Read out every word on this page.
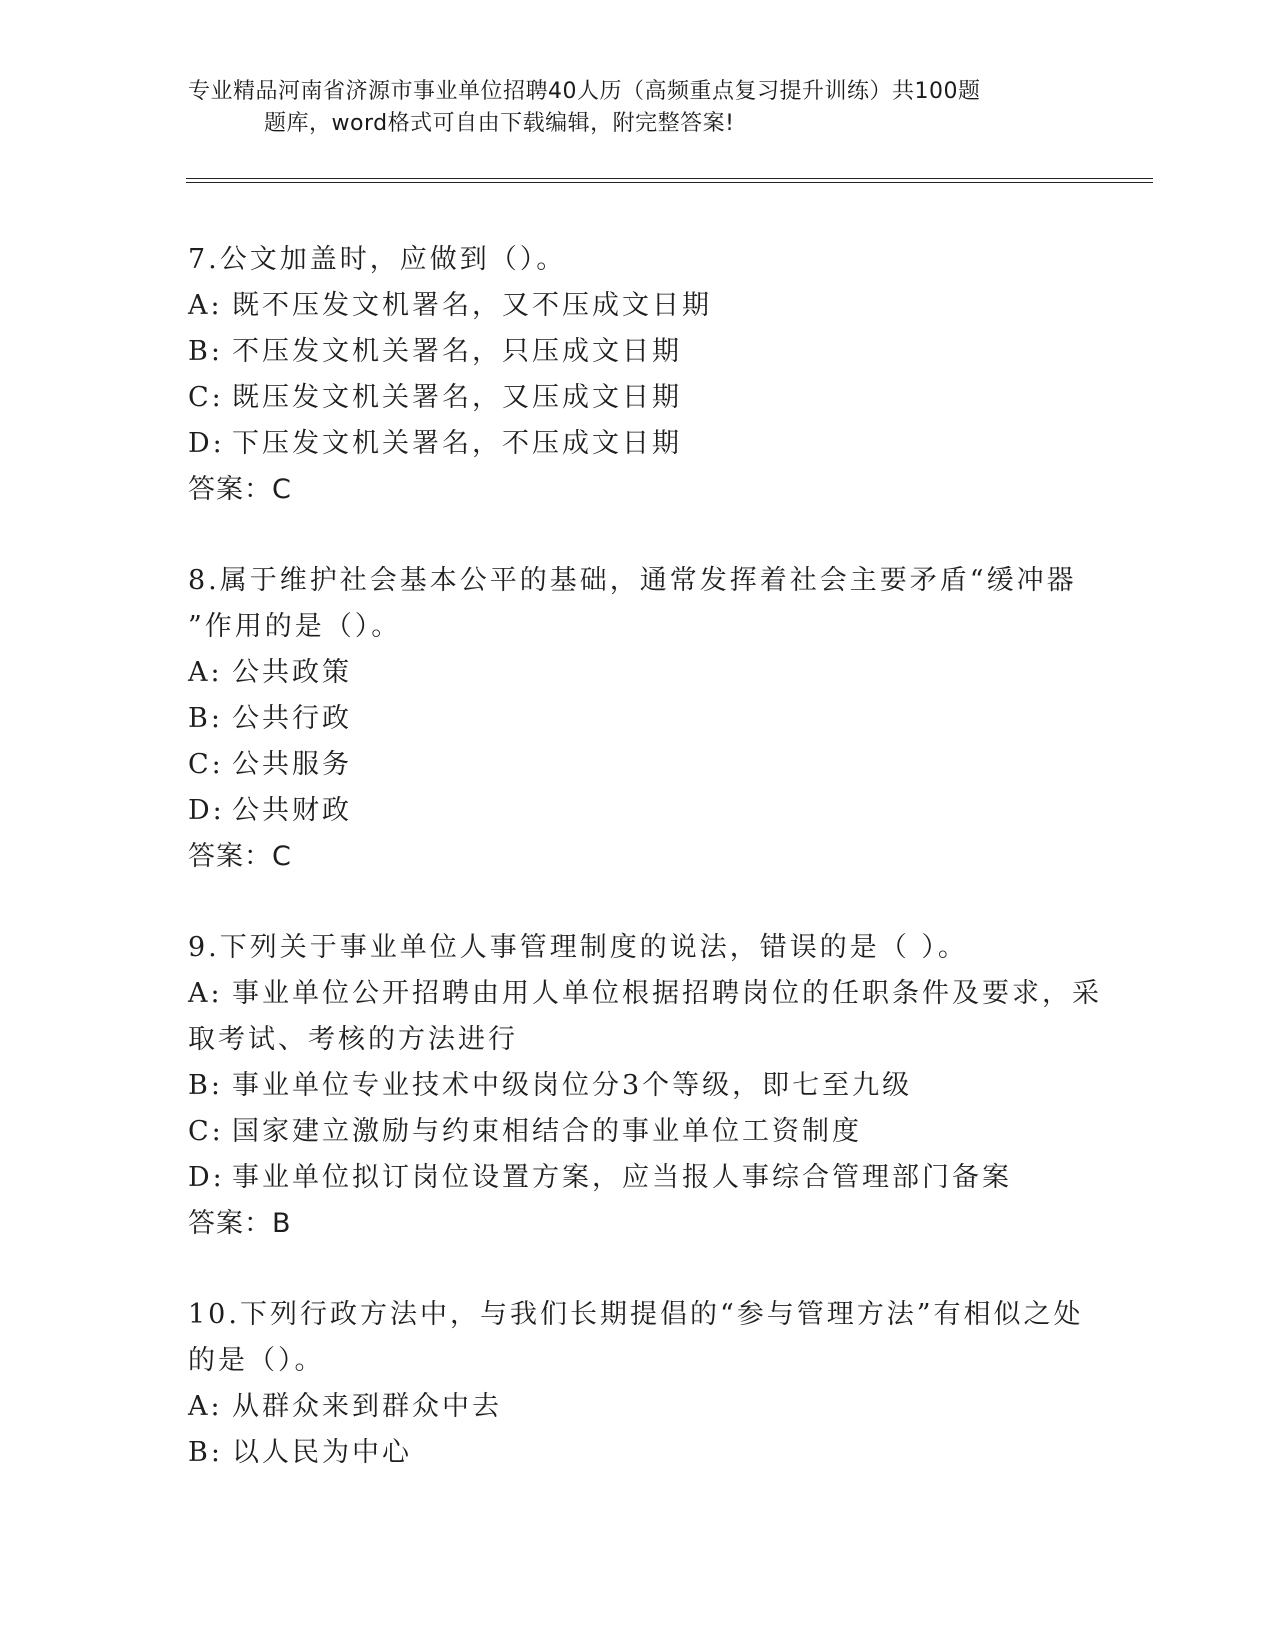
专业精品河南省济源市事业单位招聘40人历（高频重点复习提升训练）共100题
题库，word格式可自由下载编辑，附完整答案!
7.公文加盖时，应做到（）。
A: 既不压发文机署名，又不压成文日期
B: 不压发文机关署名，只压成文日期
C: 既压发文机关署名，又压成文日期
D: 下压发文机关署名，不压成文日期
答案：C
8.属于维护社会基本公平的基础，通常发挥着社会主要矛盾“缓冲器
”作用的是（）。
A: 公共政策
B: 公共行政
C: 公共服务
D: 公共财政
答案：C
9.下列关于事业单位人事管理制度的说法，错误的是（ ）。
A: 事业单位公开招聘由用人单位根据招聘岗位的任职条件及要求，采
取考试、考核的方法进行
B: 事业单位专业技术中级岗位分3个等级，即七至九级
C: 国家建立激励与约束相结合的事业单位工资制度
D: 事业单位拟订岗位设置方案，应当报人事综合管理部门备案
答案：B
10.下列行政方法中，与我们长期提倡的“参与管理方法”有相似之处
的是（）。
A: 从群众来到群众中去
B: 以人民为中心
